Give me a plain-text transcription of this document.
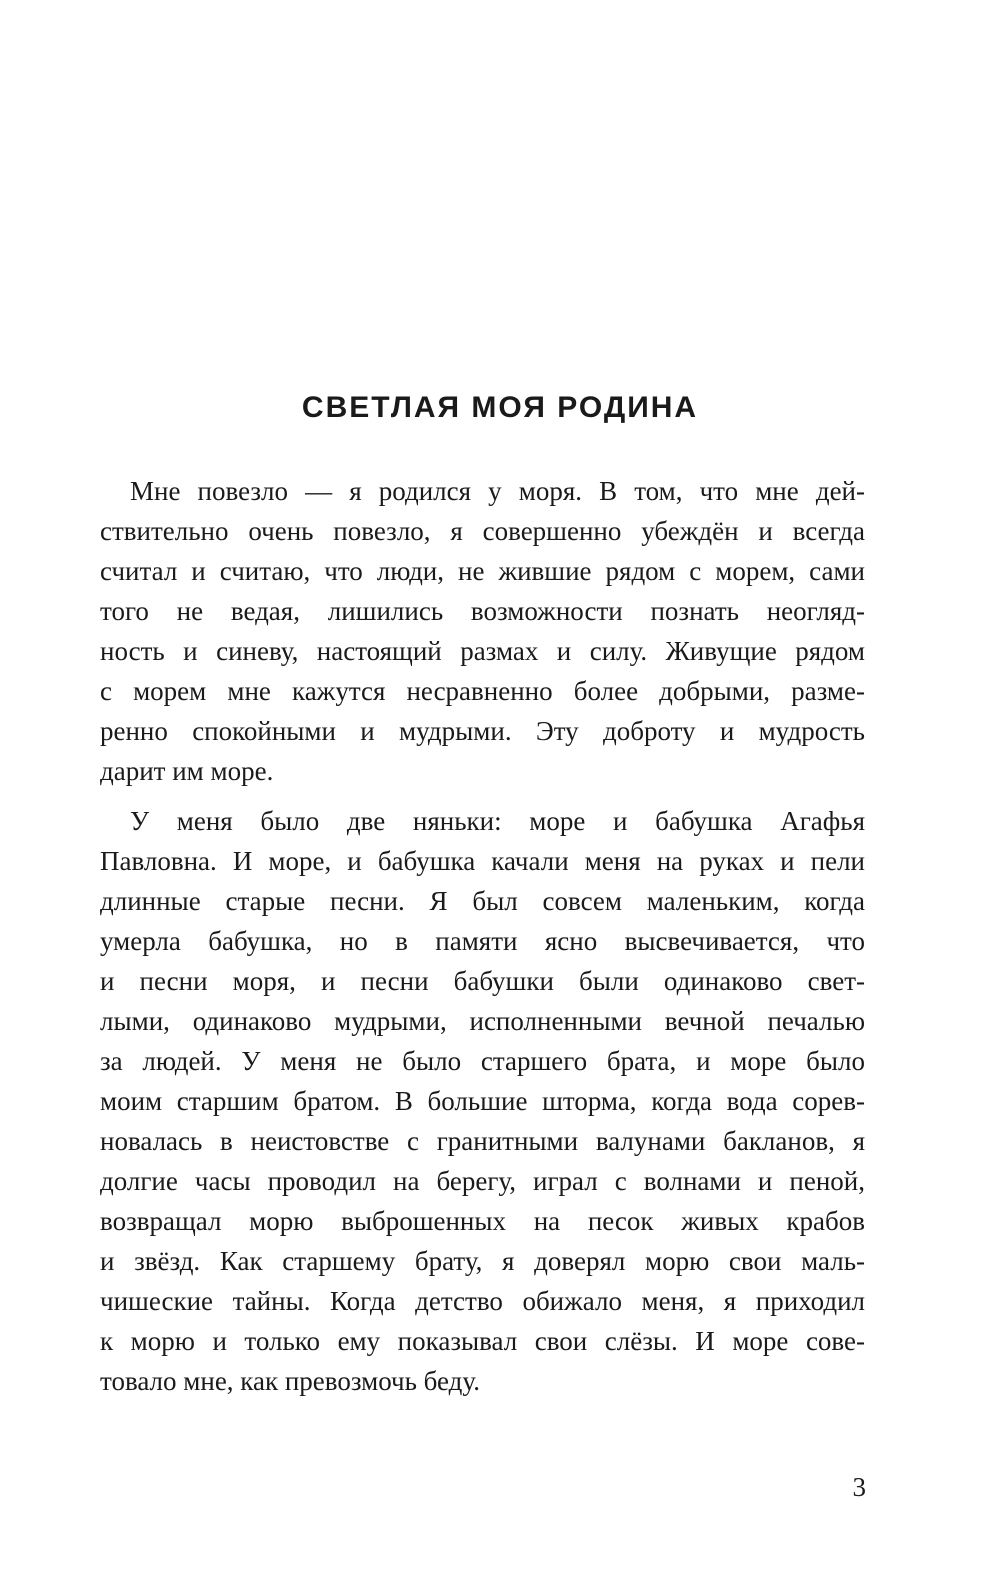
СВЕТЛАЯ МОЯ РОДИНА

Мне повезло — я родился у моря. В том, что мне дей-
ствительно очень повезло, я совершенно убеждён и всегда
считал и считаю, что люди, не жившие рядом с морем, сами
того не ведая, лишились возможности познать неогляд-
ность и синеву, настоящий размах и силу. Живущие рядом
с морем мне кажутся несравненно более добрыми, разме-
ренно спокойными и мудрыми. Эту доброту и мудрость
дарит им море.

У меня было две няньки: море и бабушка Агафья
Павловна. И море, и бабушка качали меня на руках и пели
длинные старые песни. Я был совсем маленьким, когда
умерла бабушка, но в памяти ясно высвечивается, что
и песни моря, и песни бабушки были одинаково свет-
лыми, одинаково мудрыми, исполненными вечной печалью
за людей. У меня не было старшего брата, и море было
моим старшим братом. В большие шторма, когда вода сорев-
новалась в неистовстве с гранитными валунами бакланов, я
долгие часы проводил на берегу, играл с волнами и пеной,
возвращал морю выброшенных на песок живых крабов
и звёзд. Как старшему брату, я доверял морю свои маль-
чишеские тайны. Когда детство обижало меня, я приходил
к морю и только ему показывал свои слёзы. И море сове-
товало мне, как превозмочь беду.

3
